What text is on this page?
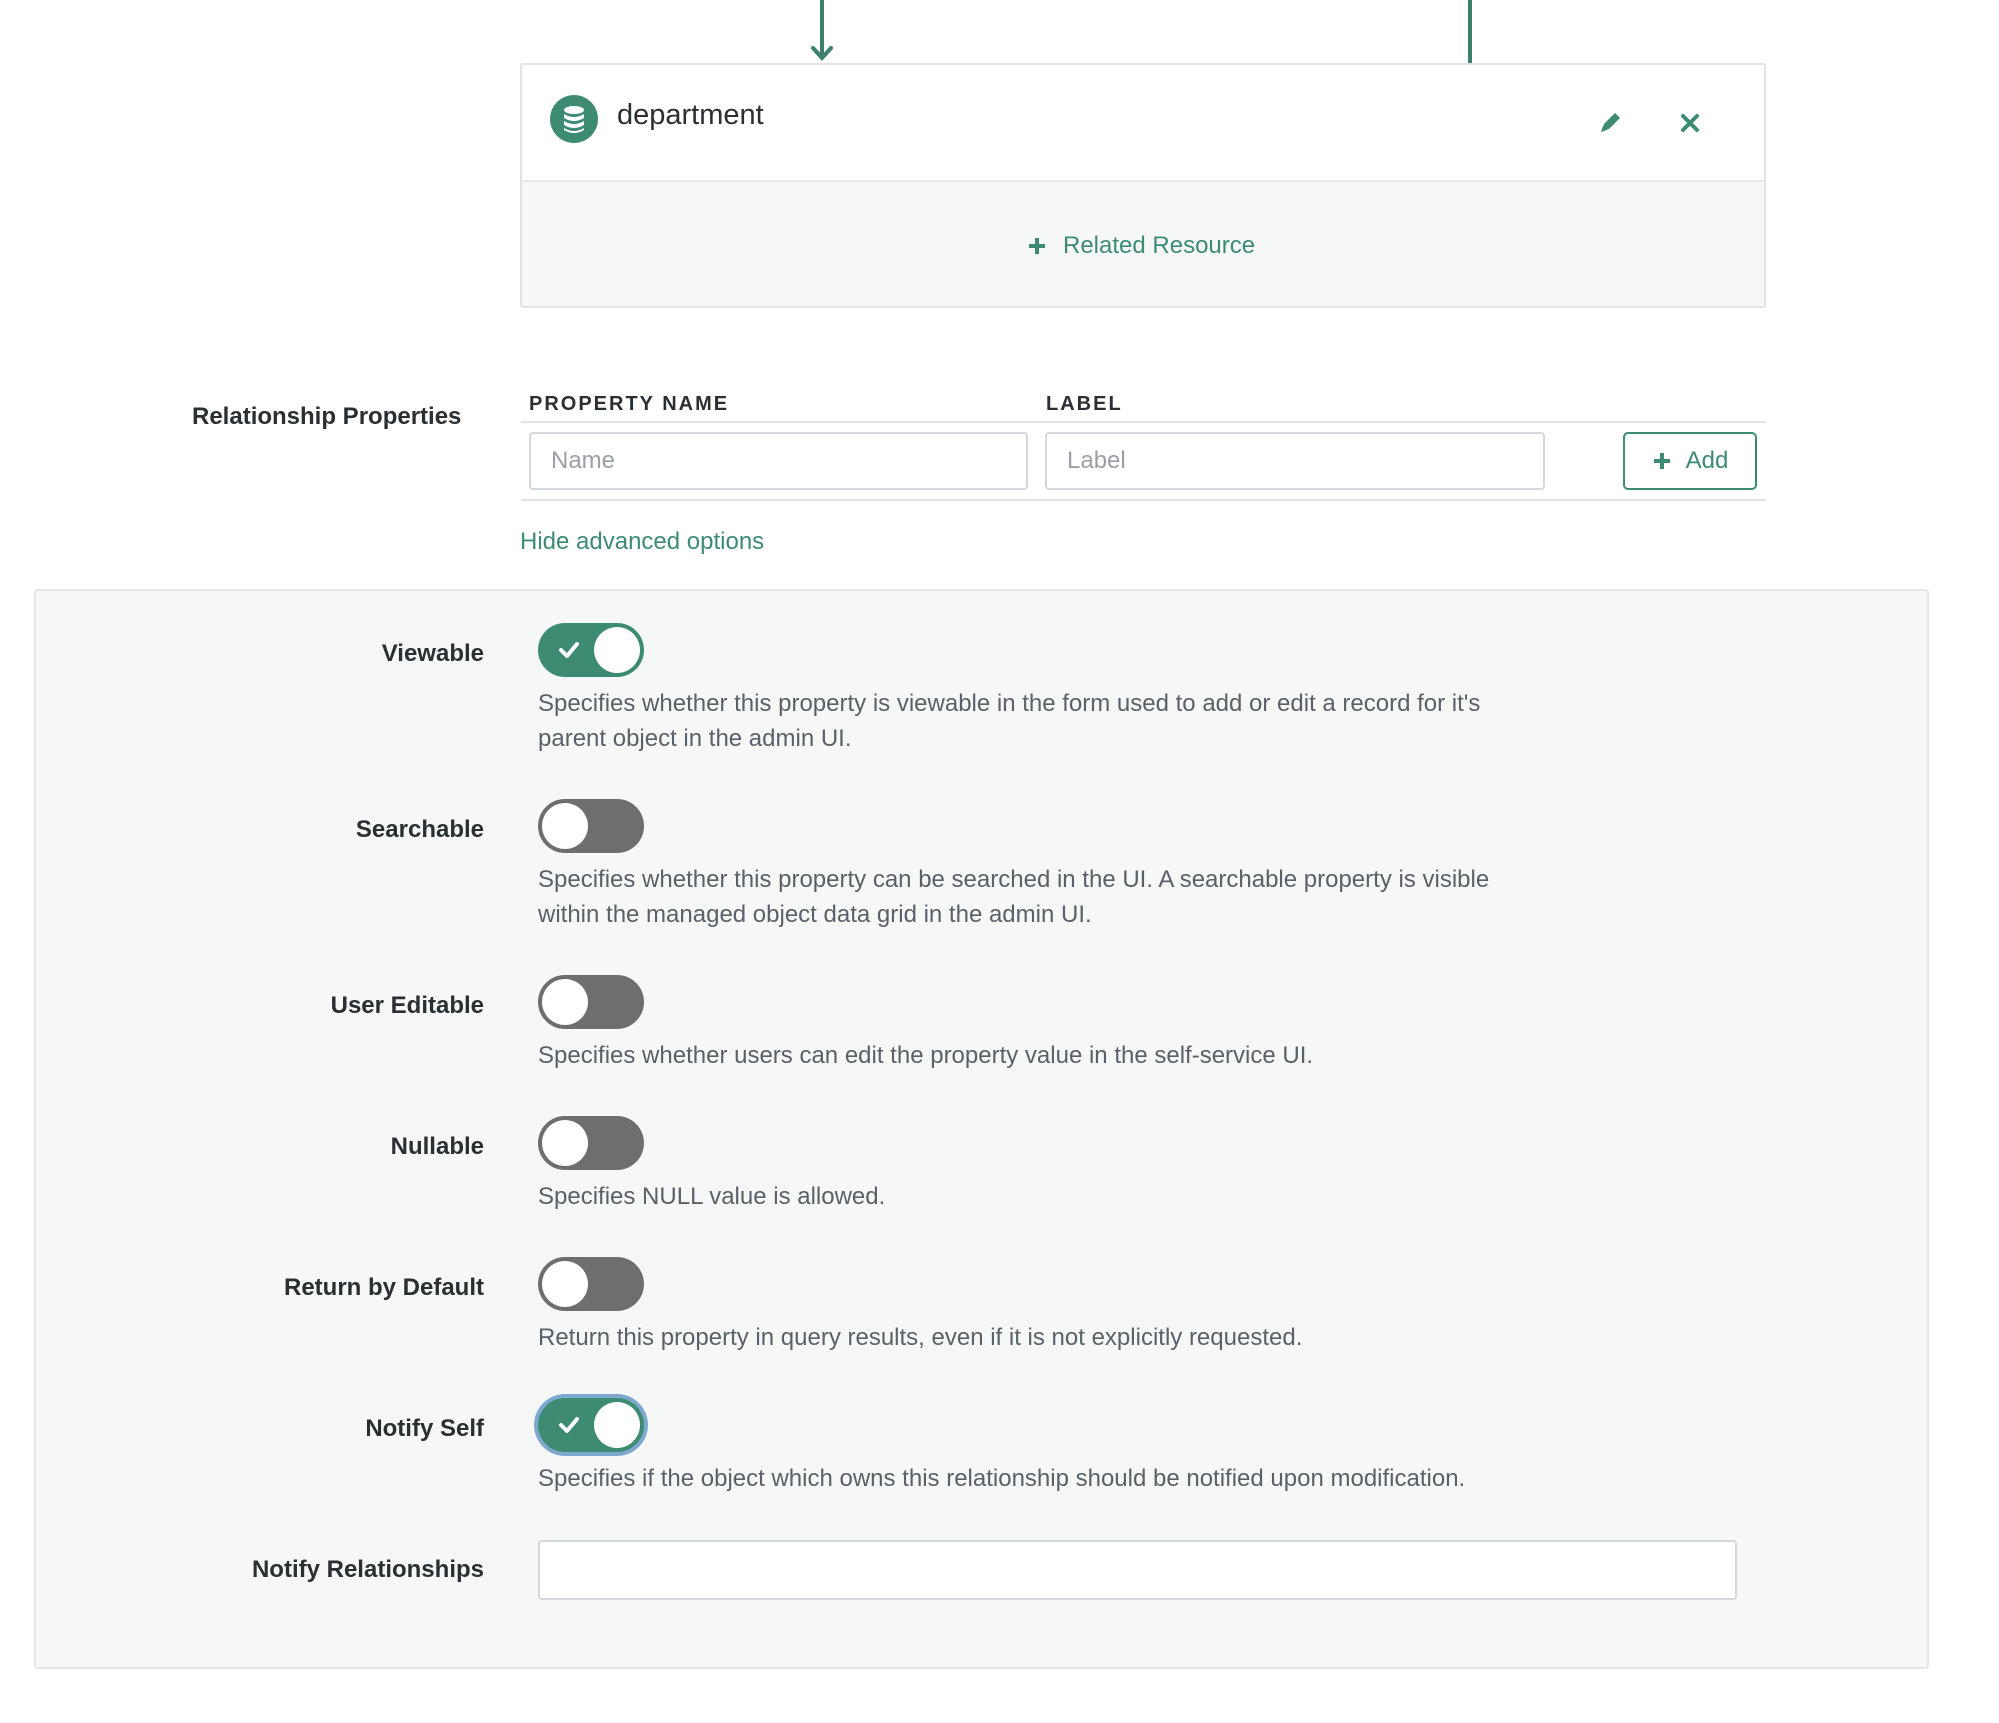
department
Related Resource
Relationship Properties	PROPERTY NAME	LABEL
Name
Label
Add
Hide advanced options
Viewable
Specifies whether this property is viewable in the form used to add or edit a record for it's parent object in the admin UI.
Searchable
Specifies whether this property can be searched in the UI. A searchable property is visible within the managed object data grid in the admin UI.
User Editable
Specifies whether users can edit the property value in the self-service UI.
Nullable
Specifies NULL value is allowed.
Return by Default
Return this property in query results, even if it is not explicitly requested.
Notify Self
Specifies if the object which owns this relationship should be notified upon modification.
Notify Relationships
